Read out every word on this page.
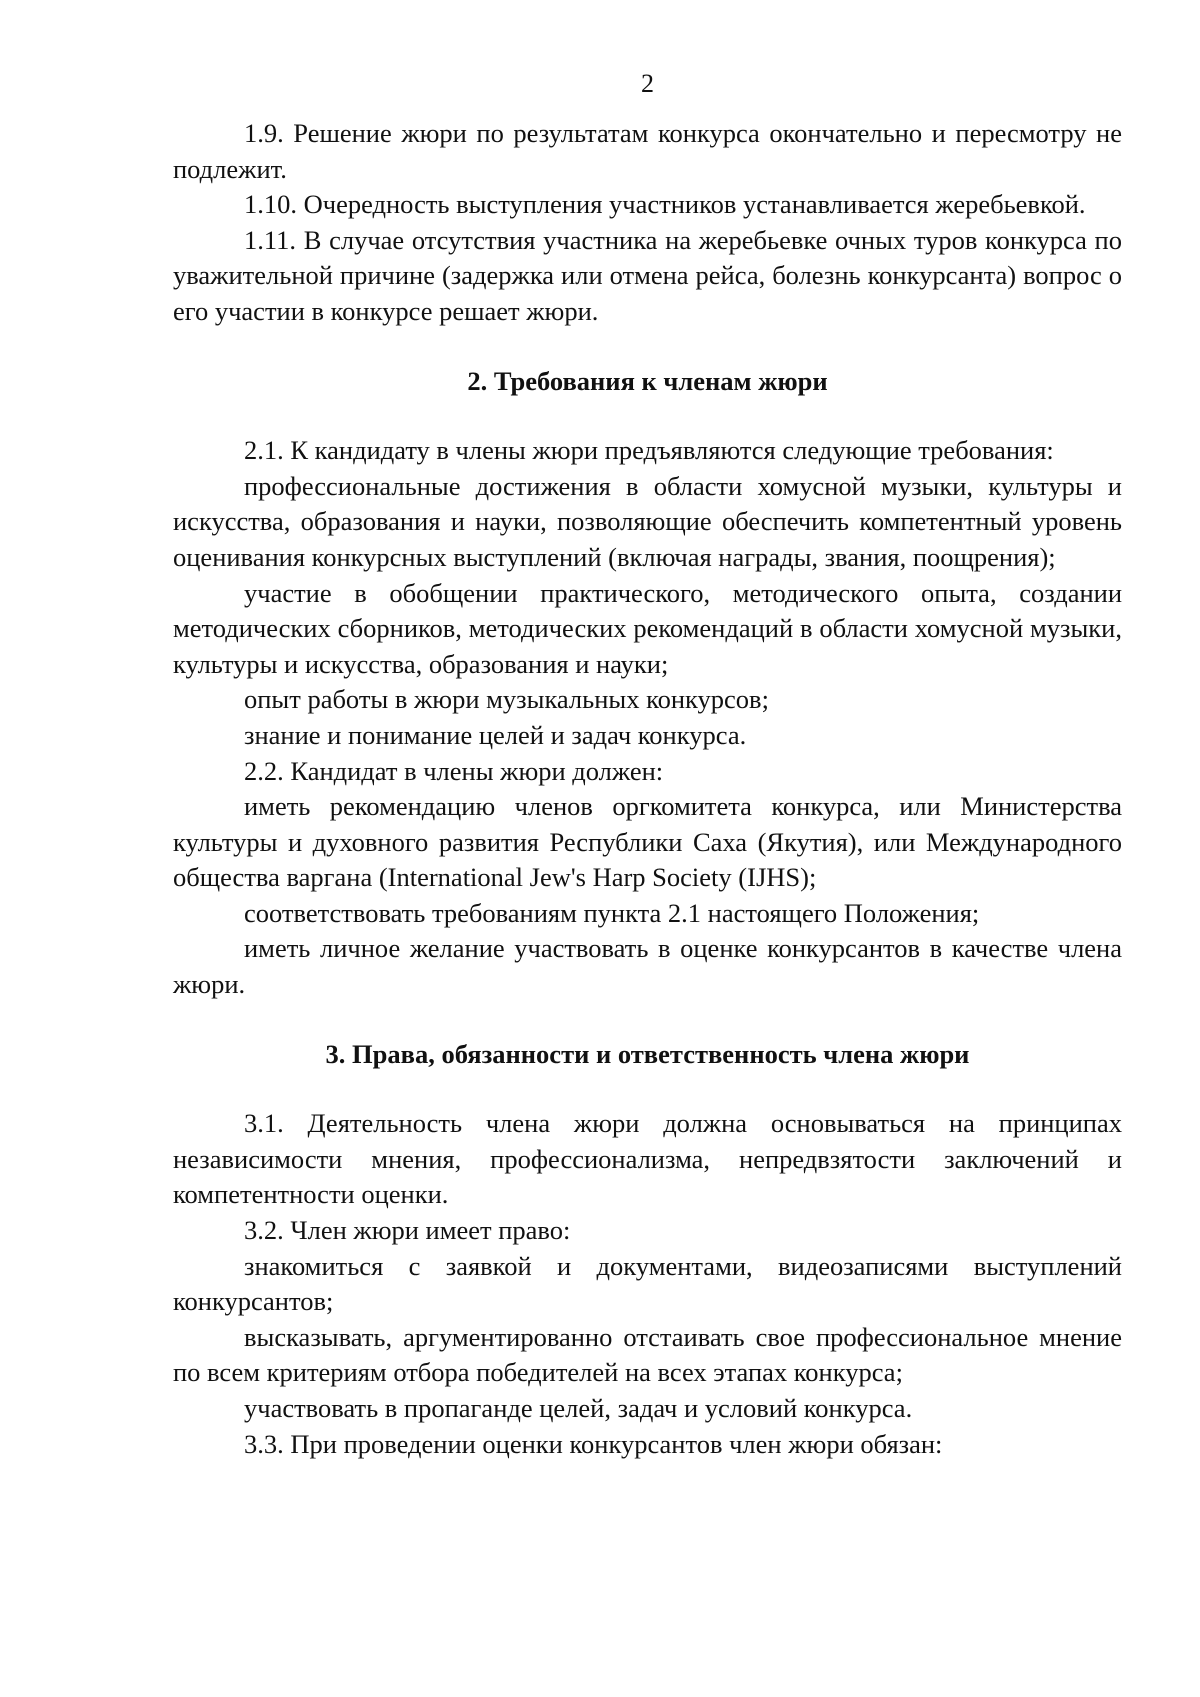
2

1.9. Решение жюри по результатам конкурса окончательно и пересмотру не подлежит.

1.10. Очередность выступления участников устанавливается жеребьевкой.

1.11. В случае отсутствия участника на жеребьевке очных туров конкурса по уважительной причине (задержка или отмена рейса, болезнь конкурсанта) вопрос о его участии в конкурсе решает жюри.

2. Требования к членам жюри

2.1. К кандидату в члены жюри предъявляются следующие требования:

профессиональные достижения в области хомусной музыки, культуры и искусства, образования и науки, позволяющие обеспечить компетентный уровень оценивания конкурсных выступлений (включая награды, звания, поощрения);

участие в обобщении практического, методического опыта, создании методических сборников, методических рекомендаций в области хомусной музыки, культуры и искусства, образования и науки;

опыт работы в жюри музыкальных конкурсов;

знание и понимание целей и задач конкурса.

2.2. Кандидат в члены жюри должен:

иметь рекомендацию членов оргкомитета конкурса, или Министерства культуры и духовного развития Республики Саха (Якутия), или Международного общества варгана (International Jew's Harp Society (IJHS);

соответствовать требованиям пункта 2.1 настоящего Положения;

иметь личное желание участвовать в оценке конкурсантов в качестве члена жюри.

3. Права, обязанности и ответственность члена жюри

3.1. Деятельность члена жюри должна основываться на принципах независимости мнения, профессионализма, непредвзятости заключений и компетентности оценки.

3.2. Член жюри имеет право:

знакомиться с заявкой и документами, видеозаписями выступлений конкурсантов;

высказывать, аргументированно отстаивать свое профессиональное мнение по всем критериям отбора победителей на всех этапах конкурса;

участвовать в пропаганде целей, задач и условий конкурса.

3.3. При проведении оценки конкурсантов член жюри обязан:
